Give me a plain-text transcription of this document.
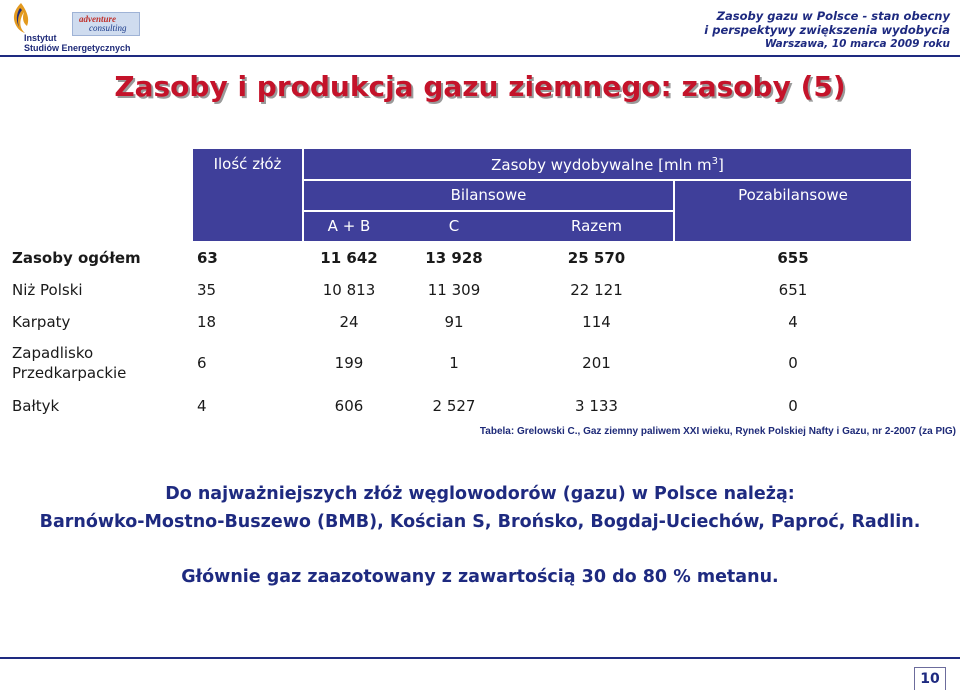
Instytut
Studiów Energetycznych
adventure
consulting
Zasoby gazu w Polsce - stan obecny
i perspektywy zwiększenia wydobycia
Warszawa, 10 marca 2009 roku
Zasoby i produkcja gazu ziemnego: zasoby (5)
Ilość złóż	Zasoby wydobywalne [mln $m^3$]
Bilansowe	Pozabilansowe
A + B	C	Razem
Zasoby ogółem	63	11 642	13 928	25 570	655
Niż Polski	35	10 813	11 309	22 121	651
Karpaty	18	24	91	114	4
Zapadlisko
Przedkarpackie
6	199	1	201	0
Bałtyk	4	606	2 527	3 133	0
Tabela: Grelowski C., Gaz ziemny paliwem XXI wieku, Rynek Polskiej Nafty i Gazu, nr 2-2007 (za PIG)
Do najważniejszych złóż węglowodorów (gazu) w Polsce należą:
Barnówko-Mostno-Buszewo (BMB), Kościan S, Brońsko, Bogdaj-Uciechów, Paproć, Radlin.
Głównie gaz zaazotowany z zawartością 30 do 80 % metanu.
10
